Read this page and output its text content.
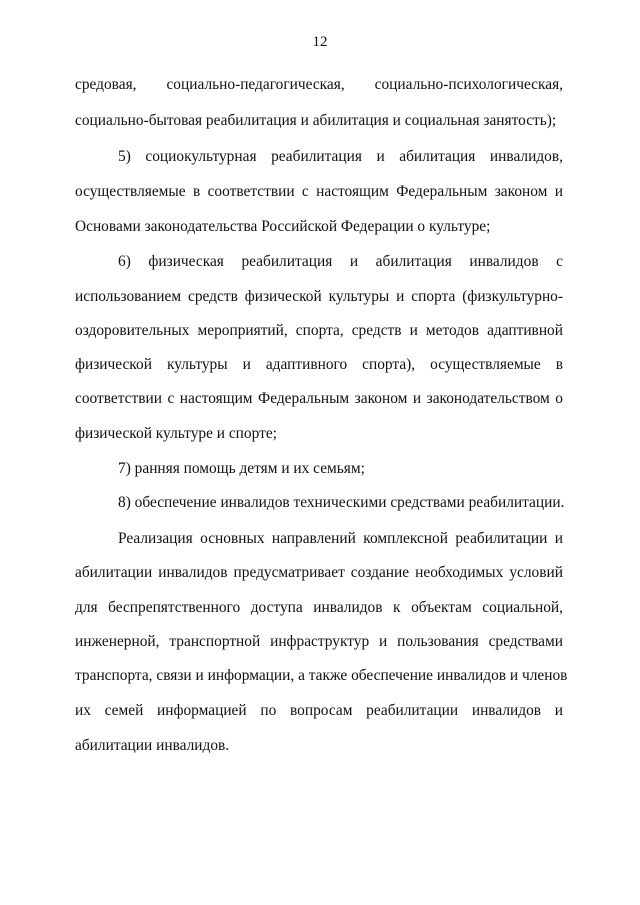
12
средовая, социально-педагогическая, социально-психологическая,
социально-бытовая реабилитация и абилитация и социальная занятость);
5) социокультурная реабилитация и абилитация инвалидов,
осуществляемые в соответствии с настоящим Федеральным законом и
Основами законодательства Российской Федерации о культуре;
6) физическая реабилитация и абилитация инвалидов с
использованием средств физической культуры и спорта (физкультурно-
оздоровительных мероприятий, спорта, средств и методов адаптивной
физической культуры и адаптивного спорта), осуществляемые в
соответствии с настоящим Федеральным законом и законодательством о
физической культуре и спорте;
7) ранняя помощь детям и их семьям;
8) обеспечение инвалидов техническими средствами реабилитации.
Реализация основных направлений комплексной реабилитации и
абилитации инвалидов предусматривает создание необходимых условий
для беспрепятственного доступа инвалидов к объектам социальной,
инженерной, транспортной инфраструктур и пользования средствами
транспорта, связи и информации, а также обеспечение инвалидов и членов
их семей информацией по вопросам реабилитации инвалидов и
абилитации инвалидов.
